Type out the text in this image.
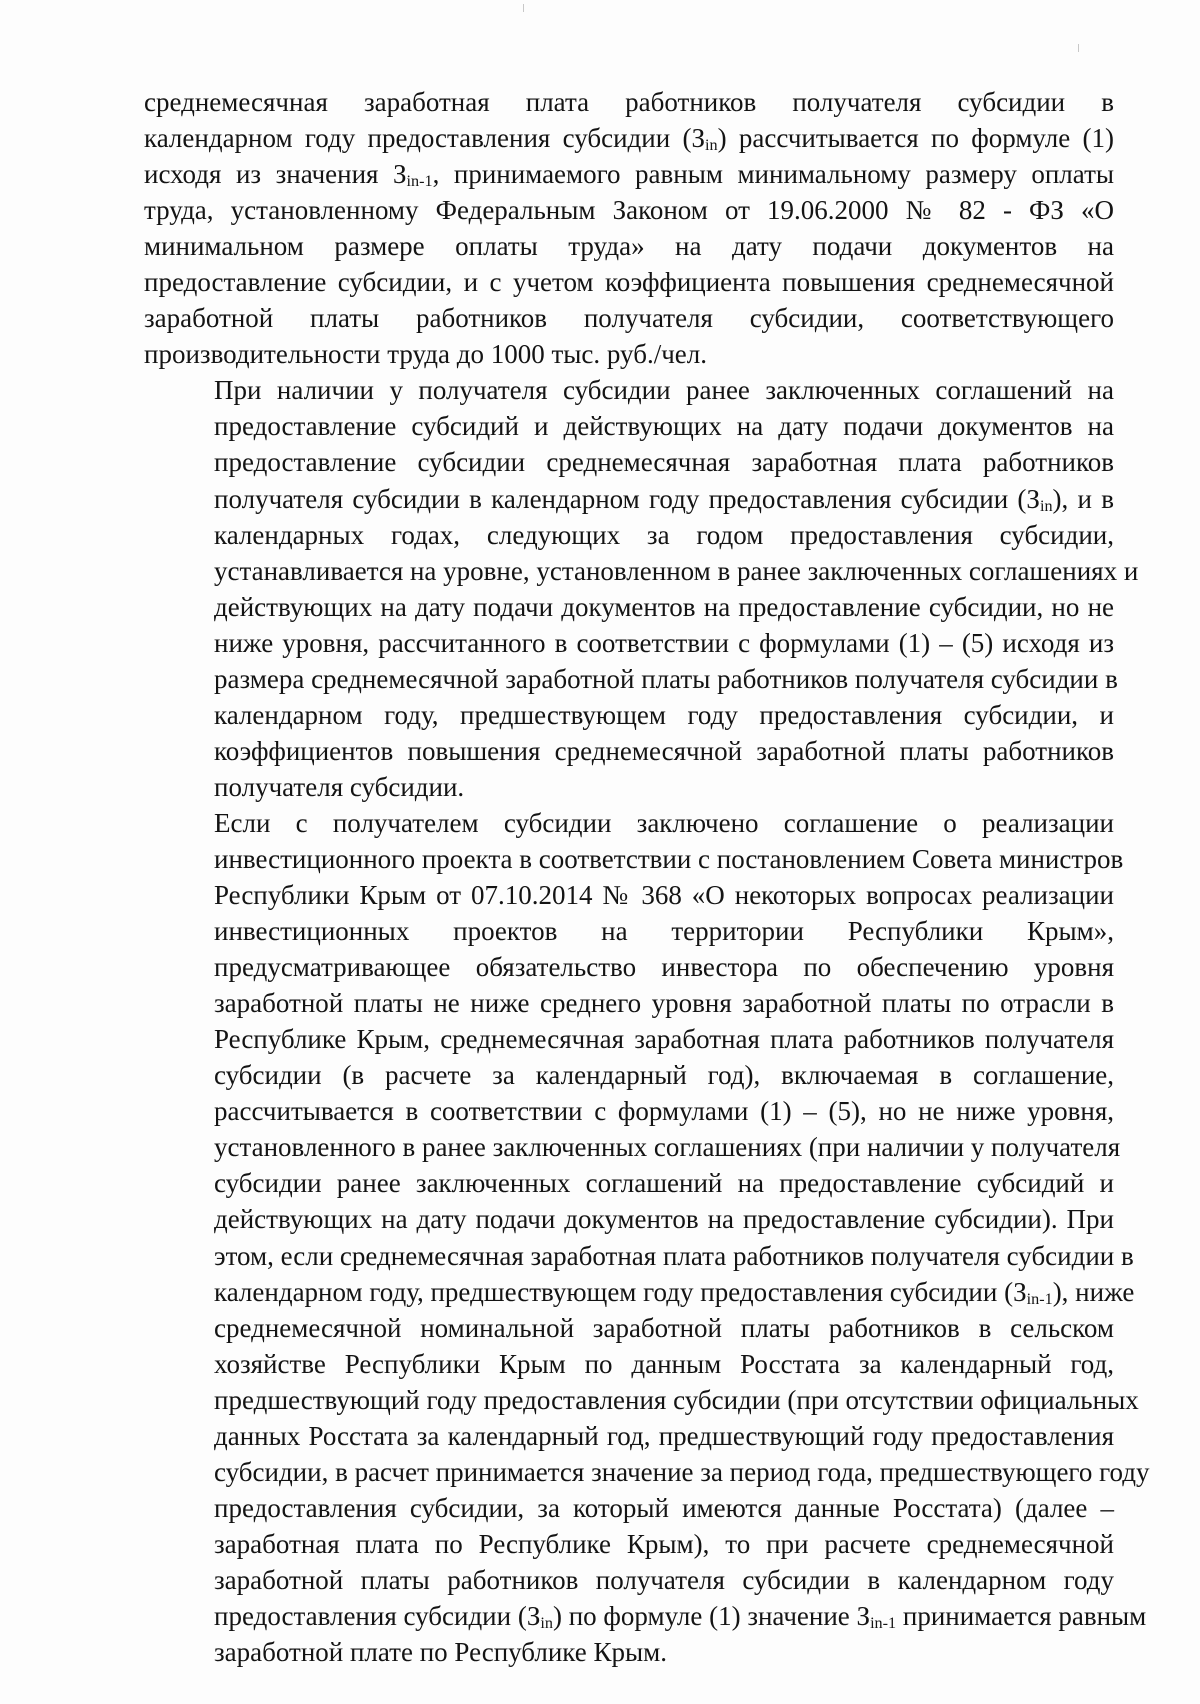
среднемесячная заработная плата работников получателя субсидии в
календарном году предоставления субсидии $(З_{in})$ рассчитывается по формуле (1)
исходя из значения $З_{in-1}$, принимаемого равным минимальному размеру оплаты
труда, установленному Федеральным Законом от 19.06.2000 № 82 - ФЗ «О
минимальном размере оплаты труда» на дату подачи документов на
предоставление субсидии, и с учетом коэффициента повышения среднемесячной
заработной платы работников получателя субсидии, соответствующего
производительности труда до 1000 тыс. руб./чел.
При наличии у получателя субсидии ранее заключенных соглашений на
предоставление субсидий и действующих на дату подачи документов на
предоставление субсидии среднемесячная заработная плата работников
получателя субсидии в календарном году предоставления субсидии $(З_{in})$, и в
календарных годах, следующих за годом предоставления субсидии,
устанавливается на уровне, установленном в ранее заключенных соглашениях и
действующих на дату подачи документов на предоставление субсидии, но не
ниже уровня, рассчитанного в соответствии с формулами (1) – (5) исходя из
размера среднемесячной заработной платы работников получателя субсидии в
календарном году, предшествующем году предоставления субсидии, и
коэффициентов повышения среднемесячной заработной платы работников
получателя субсидии.
Если с получателем субсидии заключено соглашение о реализации
инвестиционного проекта в соответствии с постановлением Совета министров
Республики Крым от 07.10.2014 № 368 «О некоторых вопросах реализации
инвестиционных проектов на территории Республики Крым»,
предусматривающее обязательство инвестора по обеспечению уровня
заработной платы не ниже среднего уровня заработной платы по отрасли в
Республике Крым, среднемесячная заработная плата работников получателя
субсидии (в расчете за календарный год), включаемая в соглашение,
рассчитывается в соответствии с формулами (1) – (5), но не ниже уровня,
установленного в ранее заключенных соглашениях (при наличии у получателя
субсидии ранее заключенных соглашений на предоставление субсидий и
действующих на дату подачи документов на предоставление субсидии). При
этом, если среднемесячная заработная плата работников получателя субсидии в
календарном году, предшествующем году предоставления субсидии $(З_{in-1})$, ниже
среднемесячной номинальной заработной платы работников в сельском
хозяйстве Республики Крым по данным Росстата за календарный год,
предшествующий году предоставления субсидии (при отсутствии официальных
данных Росстата за календарный год, предшествующий году предоставления
субсидии, в расчет принимается значение за период года, предшествующего году
предоставления субсидии, за который имеются данные Росстата) (далее –
заработная плата по Республике Крым), то при расчете среднемесячной
заработной платы работников получателя субсидии в календарном году
предоставления субсидии $(З_{in})$ по формуле (1) значение $З_{in-1}$ принимается равным
заработной плате по Республике Крым.
